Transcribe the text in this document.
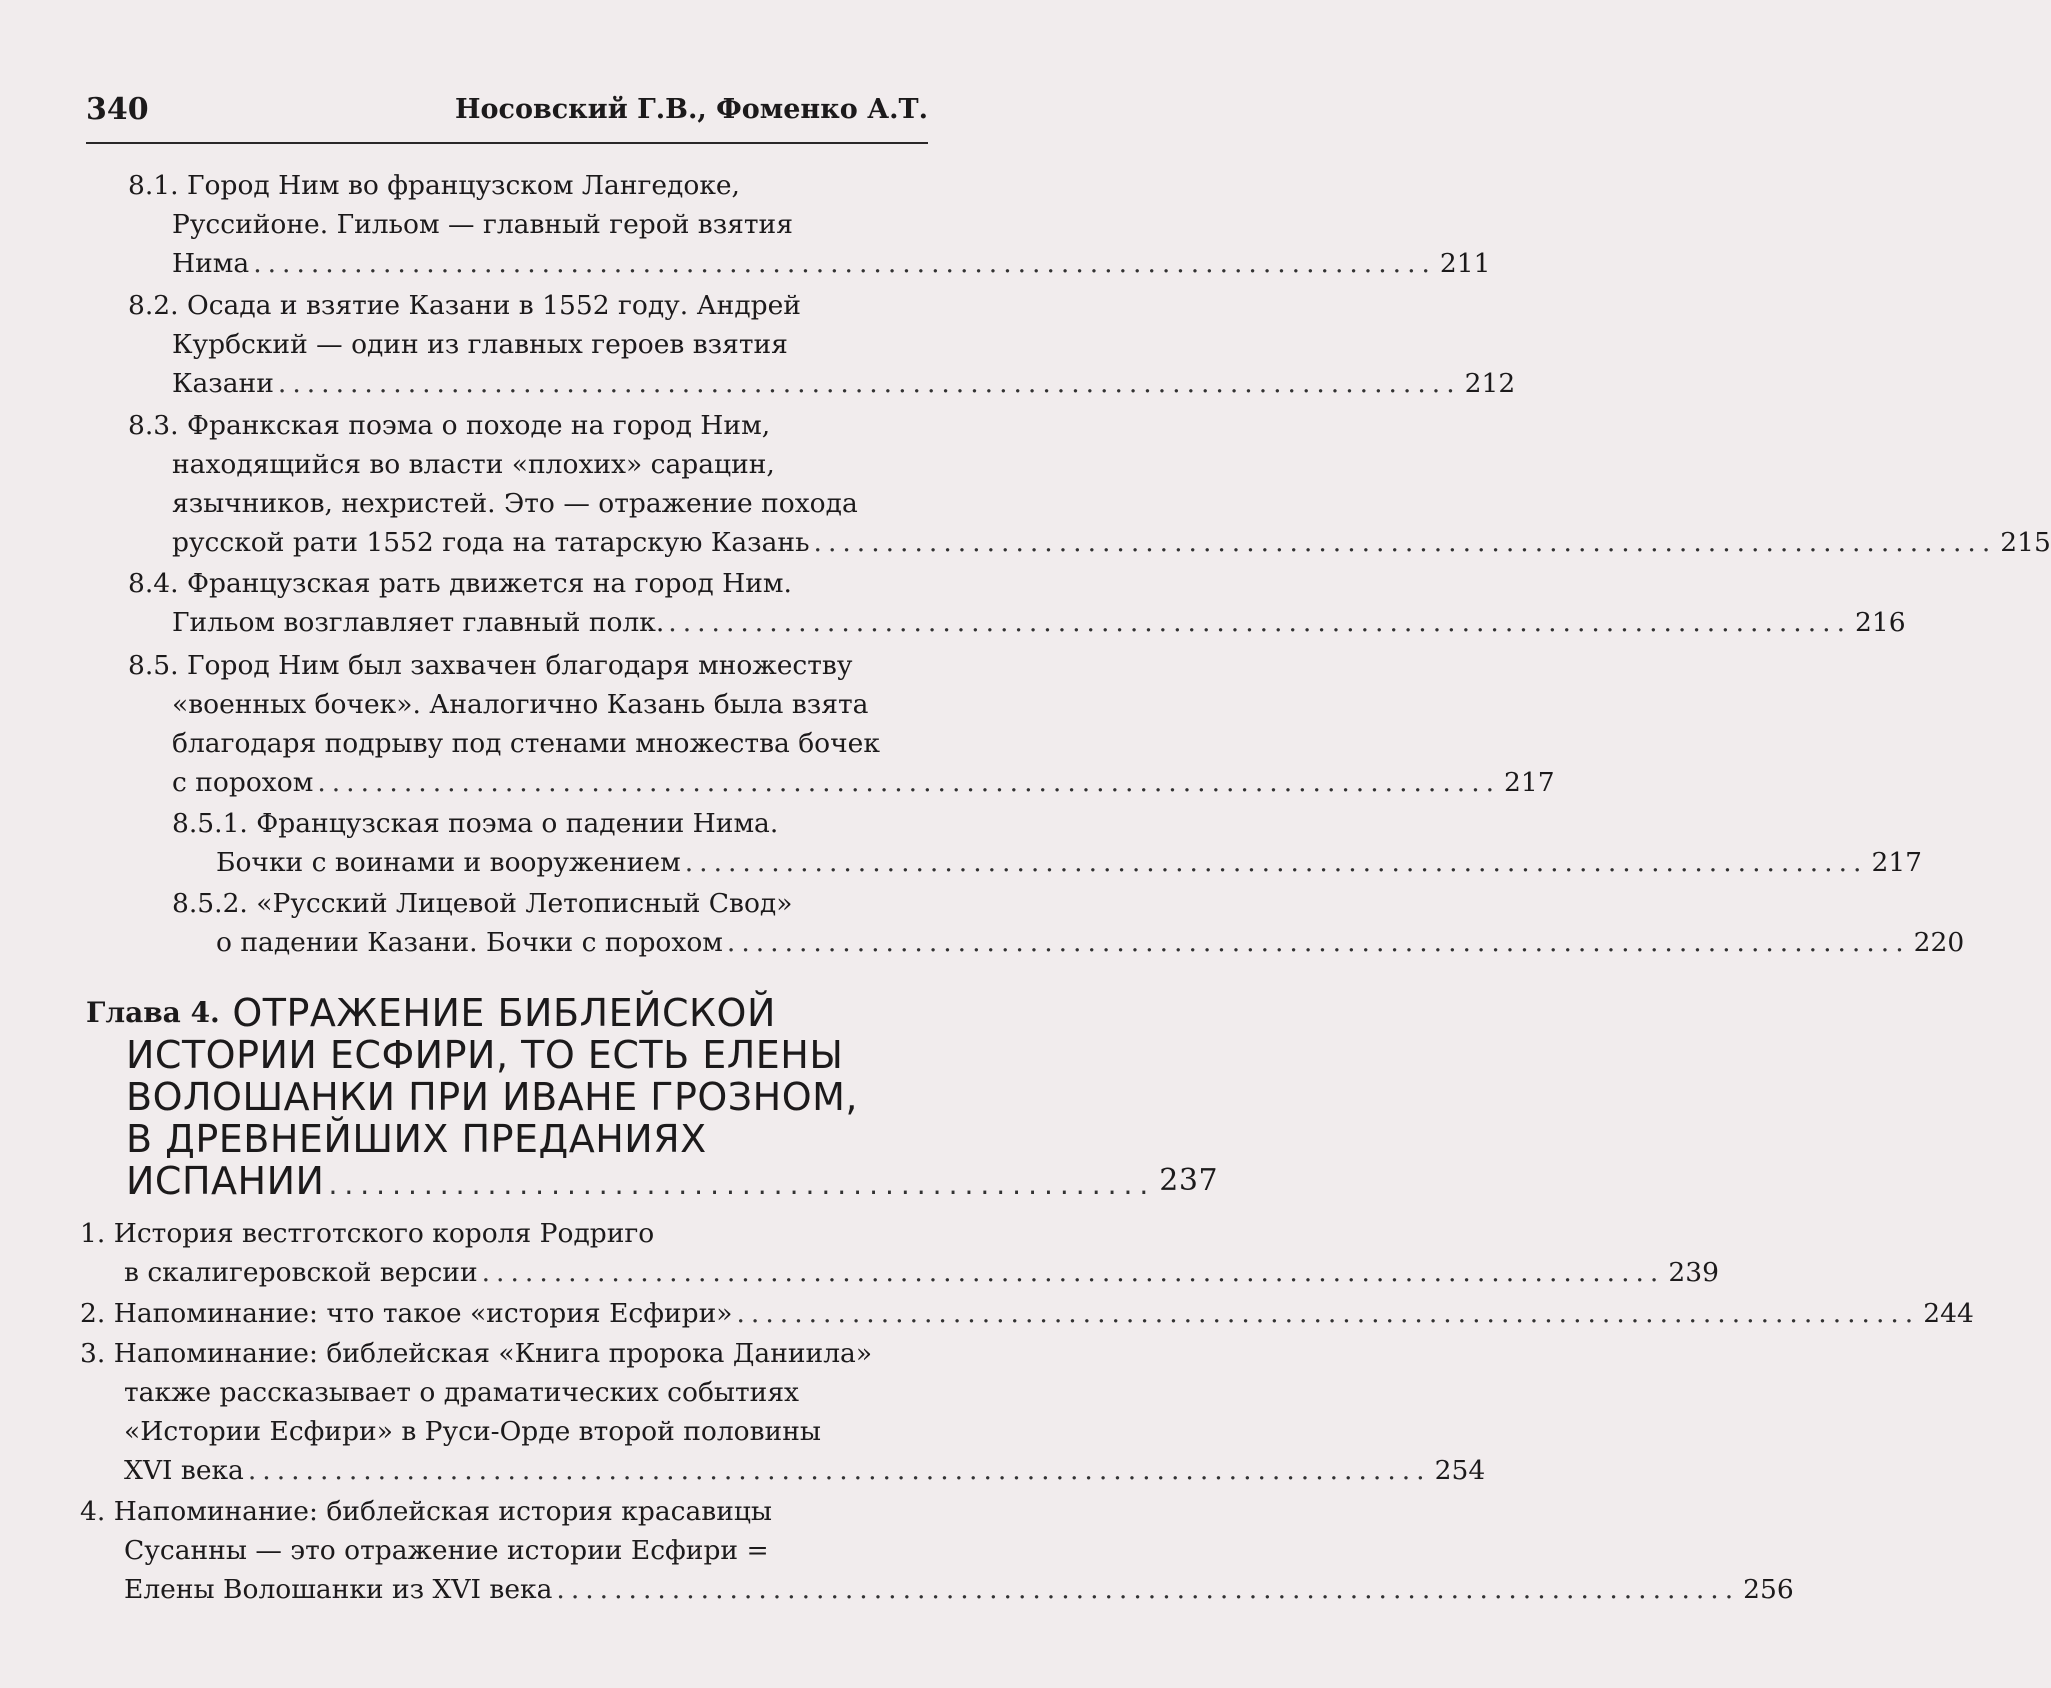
340	Носовский Г.В., Фоменко А.Т.
8.1. Город Ним во французском Лангедоке,
Руссийоне. Гильом — главный герой взятия
Нима .................................................................................. 211
8.2. Осада и взятие Казани в 1552 году. Андрей
Курбский — один из главных героев взятия
Казани .................................................................................. 212
8.3. Франкская поэма о походе на город Ним,
находящийся во власти «плохих» сарацин,
язычников, нехристей. Это — отражение похода
русской рати 1552 года на татарскую Казань .................................................................................. 215
8.4. Французская рать движется на город Ним.
Гильом возглавляет главный полк. .................................................................................. 216
8.5. Город Ним был захвачен благодаря множеству
«военных бочек». Аналогично Казань была взята
благодаря подрыву под стенами множества бочек
с порохом .................................................................................. 217
8.5.1. Французская поэма о падении Нима.
Бочки с воинами и вооружением .................................................................................. 217
8.5.2. «Русский Лицевой Летописный Свод»
о падении Казани. Бочки с порохом .................................................................................. 220
Глава 4.
ОТРАЖЕНИЕ БИБЛЕЙСКОЙ
ИСТОРИИ ЕСФИРИ, ТО ЕСТЬ ЕЛЕНЫ
ВОЛОШАНКИ ПРИ ИВАНЕ ГРОЗНОМ,
В ДРЕВНЕЙШИХ ПРЕДАНИЯХ
ИСПАНИИ .................................................... 237
1. История вестготского короля Родриго
в скалигеровской версии .................................................................................. 239
2. Напоминание: что такое «история Есфири» .................................................................................. 244
3. Напоминание: библейская «Книга пророка Даниила»
также рассказывает о драматических событиях
«Истории Есфири» в Руси-Орде второй половины
XVI века .................................................................................. 254
4. Напоминание: библейская история красавицы
Сусанны — это отражение истории Есфири =
Елены Волошанки из XVI века .................................................................................. 256
